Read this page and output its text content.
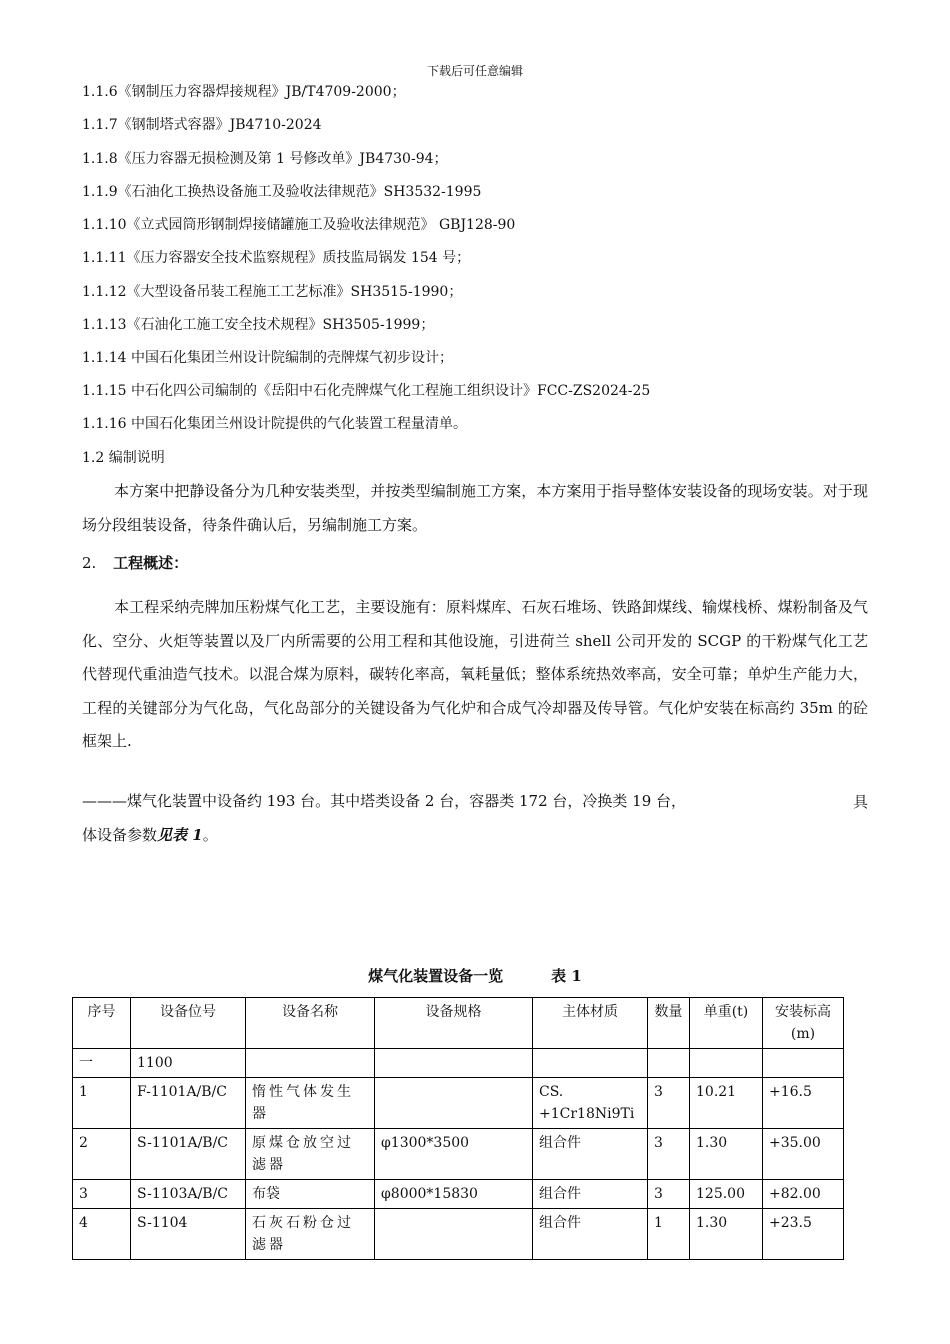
下载后可任意编辑
1.1.6《钢制压力容器焊接规程》JB/T4709-2000；
1.1.7《钢制塔式容器》JB4710-2024
1.1.8《压力容器无损检测及第 1 号修改单》JB4730-94；
1.1.9《石油化工换热设备施工及验收法律规范》SH3532-1995
1.1.10《立式园筒形钢制焊接储罐施工及验收法律规范》 GBJ128-90
1.1.11《压力容器安全技术监察规程》质技监局锅发 154 号；
1.1.12《大型设备吊装工程施工工艺标准》SH3515-1990；
1.1.13《石油化工施工安全技术规程》SH3505-1999；
1.1.14 中国石化集团兰州设计院编制的壳牌煤气初步设计；
1.1.15 中石化四公司编制的《岳阳中石化壳牌煤气化工程施工组织设计》FCC-ZS2024-25
1.1.16 中国石化集团兰州设计院提供的气化装置工程量清单。
1.2 编制说明
本方案中把静设备分为几种安装类型，并按类型编制施工方案，本方案用于指导整体安装设备的现场安装。对于现场分段组装设备，待条件确认后，另编制施工方案。
2. 工程概述：
本工程采纳壳牌加压粉煤气化工艺，主要设施有：原料煤库、石灰石堆场、铁路卸煤线、输煤栈桥、煤粉制备及气化、空分、火炬等装置以及厂内所需要的公用工程和其他设施，引进荷兰 shell 公司开发的 SCGP 的干粉煤气化工艺代替现代重油造气技术。以混合煤为原料，碳转化率高，氧耗量低；整体系统热效率高，安全可靠；单炉生产能力大，工程的关键部分为气化岛，气化岛部分的关键设备为气化炉和合成气冷却器及传导管。气化炉安装在标高约 35m 的砼框架上.
———煤气化装置中设备约 193 台。其中塔类设备 2 台，容器类 172 台，冷换类 19 台，	具
体设备参数见表 1。
煤气化装置设备一览	表 1
序号	设备位号	设备名称	设备规格	主体材质	数量	单重(t)	安装标高(m)
一	1100						
1	F-1101A/B/C	惰性气体发生器		CS. +1Cr18Ni9Ti	3	10.21	+16.5
2	S-1101A/B/C	原煤仓放空过滤器	φ1300*3500	组合件	3	1.30	+35.00
3	S-1103A/B/C	布袋	φ8000*15830	组合件	3	125.00	+82.00
4	S-1104	石灰石粉仓过滤器		组合件	1	1.30	+23.5
